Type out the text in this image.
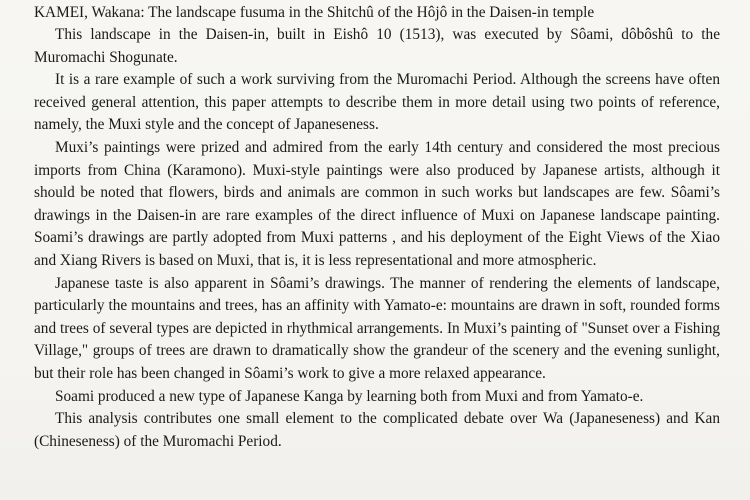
KAMEI, Wakana: The landscape fusuma in the Shitchû of the Hôjô in the Daisen-in temple

This landscape in the Daisen-in, built in Eishô 10 (1513), was executed by Sôami, dôbôshû to the Muromachi Shogunate.

It is a rare example of such a work surviving from the Muromachi Period. Although the screens have often received general attention, this paper attempts to describe them in more detail using two points of reference, namely, the Muxi style and the concept of Japaneseness.

Muxi’s paintings were prized and admired from the early 14th century and considered the most precious imports from China (Karamono). Muxi-style paintings were also produced by Japanese artists, although it should be noted that flowers, birds and animals are common in such works but landscapes are few. Sôami’s drawings in the Daisen-in are rare examples of the direct influence of Muxi on Japanese landscape painting. Soami’s drawings are partly adopted from Muxi patterns , and his deployment of the Eight Views of the Xiao and Xiang Rivers is based on Muxi, that is, it is less representational and more atmospheric.

Japanese taste is also apparent in Sôami’s drawings. The manner of rendering the elements of landscape, particularly the mountains and trees, has an affinity with Yamato-e: mountains are drawn in soft, rounded forms and trees of several types are depicted in rhythmical arrangements. In Muxi’s painting of "Sunset over a Fishing Village," groups of trees are drawn to dramatically show the grandeur of the scenery and the evening sunlight, but their role has been changed in Sôami’s work to give a more relaxed appearance.

Soami produced a new type of Japanese Kanga by learning both from Muxi and from Yamato-e.

This analysis contributes one small element to the complicated debate over Wa (Japaneseness) and Kan (Chineseness) of the Muromachi Period.
